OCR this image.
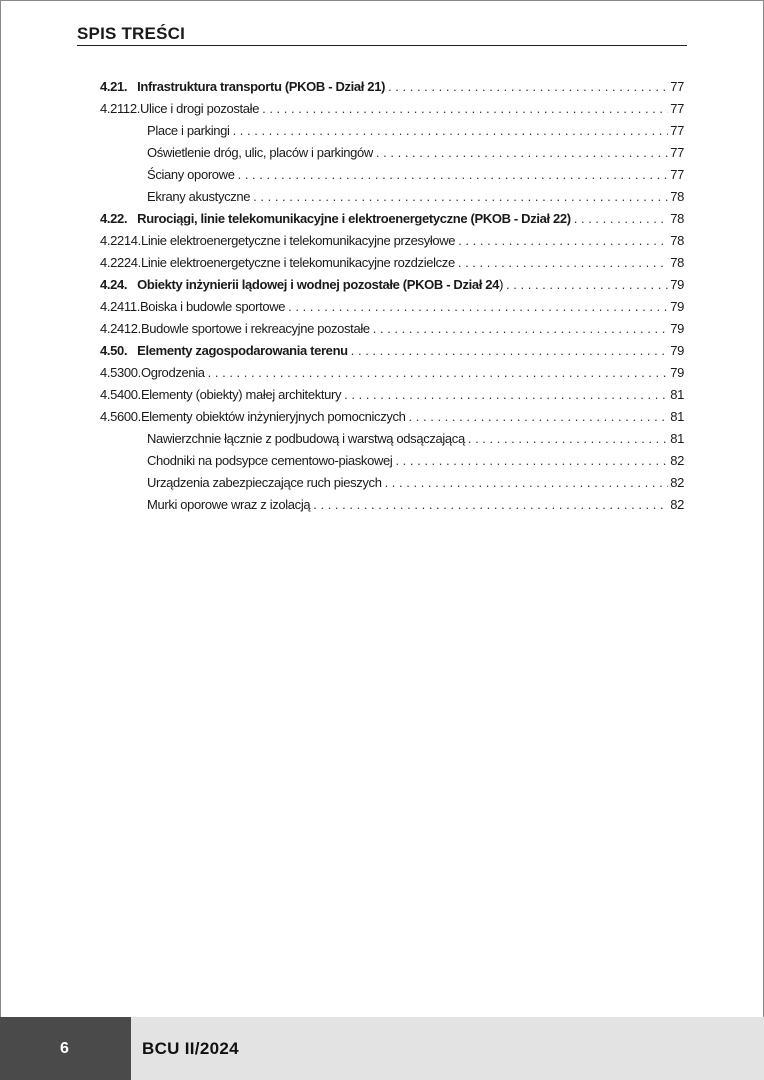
SPIS TREŚCI
4.21. Infrastruktura transportu (PKOB - Dział 21) . . .	77
4.2112. Ulice i drogi pozostałe . . .	77
Place i parkingi . . .	77
Oświetlenie dróg, ulic, placów i parkingów . . .	77
Ściany oporowe . . .	77
Ekrany akustyczne . . .	78
4.22. Rurociągi, linie telekomunikacyjne i elektroenergetyczne (PKOB - Dział 22) . . .	78
4.2214. Linie elektroenergetyczne i telekomunikacyjne przesyłowe . . .	78
4.2224. Linie elektroenergetyczne i telekomunikacyjne rozdzielcze . . .	78
4.24. Obiekty inżynierii lądowej i wodnej pozostałe (PKOB - Dział 24 ) . . .	79
4.2411. Boiska i budowle sportowe . . .	79
4.2412. Budowle sportowe i rekreacyjne pozostałe . . .	79
4.50. Elementy zagospodarowania terenu . . .	79
4.5300. Ogrodzenia . . .	79
4.5400. Elementy (obiekty) małej architektury . . .	81
4.5600. Elementy obiektów inżynieryjnych pomocniczych . . .	81
Nawierzchnie łącznie z podbudową i warstwą odsączającą . . .	81
Chodniki na podsypce cementowo-piaskowej . . .	82
Urządzenia zabezpieczające ruch pieszych . . .	82
Murki oporowe wraz z izolacją . . .	82
6	BCU II/2024
